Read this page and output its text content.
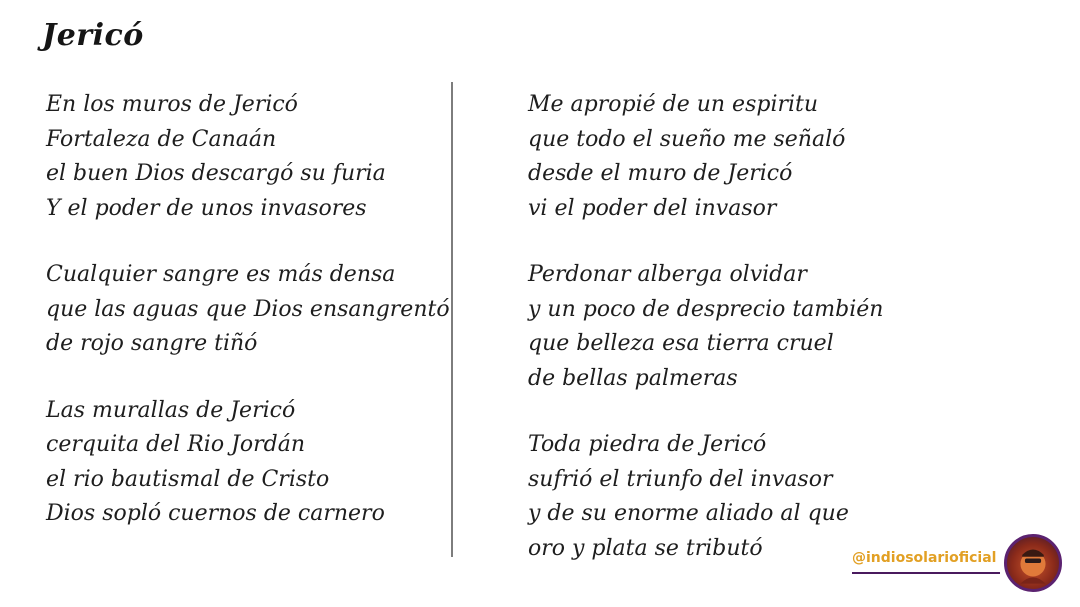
Jericó
En los muros de Jericó
Fortaleza de Canaán
el buen Dios descargó su furia
Y el poder de unos invasores
Cualquier sangre es más densa
que las aguas que Dios ensangrentó
de rojo sangre tiñó
Las murallas de Jericó
cerquita del Rio Jordán
el rio bautismal de Cristo
Dios sopló cuernos de carnero
Me apropié de un espiritu
que todo el sueño me señaló
desde el muro de Jericó
vi el poder del invasor
Perdonar alberga olvidar
y un poco de desprecio también
que belleza esa tierra cruel
de bellas palmeras
Toda piedra de Jericó
sufrió el triunfo del invasor
y de su enorme aliado al que
oro y plata se tributó	@indiosolarioficial
